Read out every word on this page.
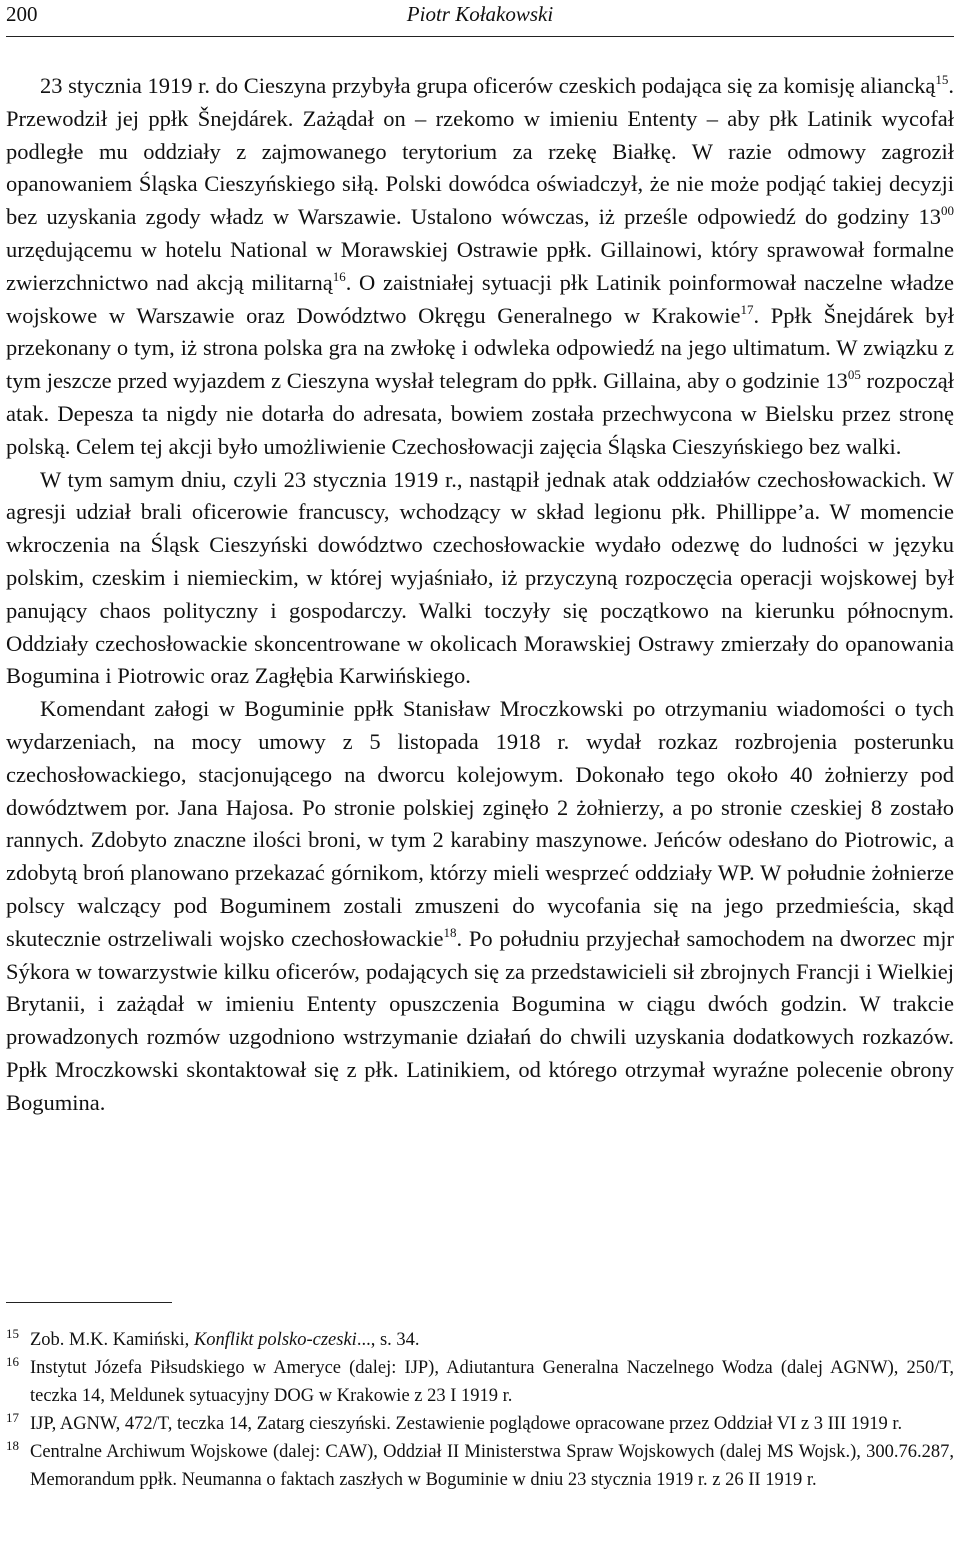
200	Piotr Kołakowski

23 stycznia 1919 r. do Cieszyna przybyła grupa oficerów czeskich podająca się za komisję aliancką$^{15}$. Przewodził jej ppłk Šnejdárek. Zażądał on – rzekomo w imieniu Ententy – aby płk Latinik wycofał podległe mu oddziały z zajmowanego terytorium za rzekę Białkę. W razie odmowy zagroził opanowaniem Śląska Cieszyńskiego siłą. Polski dowódca oświadczył, że nie może podjąć takiej decyzji bez uzyskania zgody władz w Warszawie. Ustalono wówczas, iż prześle odpowiedź do godziny $13^{00}$ urzędującemu w hotelu National w Morawskiej Ostrawie ppłk. Gillainowi, który sprawował formalne zwierzchnictwo nad akcją militarną$^{16}$. O zaistniałej sytuacji płk Latinik poinformował naczelne władze wojskowe w Warszawie oraz Dowództwo Okręgu Generalnego w Krakowie$^{17}$. Ppłk Šnejdárek był przekonany o tym, iż strona polska gra na zwłokę i odwleka odpowiedź na jego ultimatum. W związku z tym jeszcze przed wyjazdem z Cieszyna wysłał telegram do ppłk. Gillaina, aby o godzinie $13^{05}$ rozpoczął atak. Depesza ta nigdy nie dotarła do adresata, bowiem została przechwycona w Bielsku przez stronę polską. Celem tej akcji było umożliwienie Czechosłowacji zajęcia Śląska Cieszyńskiego bez walki.

W tym samym dniu, czyli 23 stycznia 1919 r., nastąpił jednak atak oddziałów czechosłowackich. W agresji udział brali oficerowie francuscy, wchodzący w skład legionu płk. Phillippe’a. W momencie wkroczenia na Śląsk Cieszyński dowództwo czechosłowackie wydało odezwę do ludności w języku polskim, czeskim i niemieckim, w której wyjaśniało, iż przyczyną rozpoczęcia operacji wojskowej był panujący chaos polityczny i gospodarczy. Walki toczyły się początkowo na kierunku północnym. Oddziały czechosłowackie skoncentrowane w okolicach Morawskiej Ostrawy zmierzały do opanowania Bogumina i Piotrowic oraz Zagłębia Karwińskiego.

Komendant załogi w Boguminie ppłk Stanisław Mroczkowski po otrzymaniu wiadomości o tych wydarzeniach, na mocy umowy z 5 listopada 1918 r. wydał rozkaz rozbrojenia posterunku czechosłowackiego, stacjonującego na dworcu kolejowym. Dokonało tego około 40 żołnierzy pod dowództwem por. Jana Hajosa. Po stronie polskiej zginęło 2 żołnierzy, a po stronie czeskiej 8 zostało rannych. Zdobyto znaczne ilości broni, w tym 2 karabiny maszynowe. Jeńców odesłano do Piotrowic, a zdobytą broń planowano przekazać górnikom, którzy mieli wesprzeć oddziały WP. W południe żołnierze polscy walczący pod Boguminem zostali zmuszeni do wycofania się na jego przedmieścia, skąd skutecznie ostrzeliwali wojsko czechosłowackie$^{18}$. Po południu przyjechał samochodem na dworzec mjr Sýkora w towarzystwie kilku oficerów, podających się za przedstawicieli sił zbrojnych Francji i Wielkiej Brytanii, i zażądał w imieniu Ententy opuszczenia Bogumina w ciągu dwóch godzin. W trakcie prowadzonych rozmów uzgodniono wstrzymanie działań do chwili uzyskania dodatkowych rozkazów. Ppłk Mroczkowski skontaktował się z płk. Latinikiem, od którego otrzymał wyraźne polecenie obrony Bogumina.

15 Zob. M.K. Kamiński, Konflikt polsko-czeski..., s. 34.

16 Instytut Józefa Piłsudskiego w Ameryce (dalej: IJP), Adiutantura Generalna Naczelnego Wodza (dalej AGNW), 250/T, teczka 14, Meldunek sytuacyjny DOG w Krakowie z 23 I 1919 r.

17 IJP, AGNW, 472/T, teczka 14, Zatarg cieszyński. Zestawienie poglądowe opracowane przez Oddział VI z 3 III 1919 r.

18 Centralne Archiwum Wojskowe (dalej: CAW), Oddział II Ministerstwa Spraw Wojskowych (dalej MS Wojsk.), 300.76.287, Memorandum ppłk. Neumanna o faktach zaszłych w Boguminie w dniu 23 stycznia 1919 r. z 26 II 1919 r.
